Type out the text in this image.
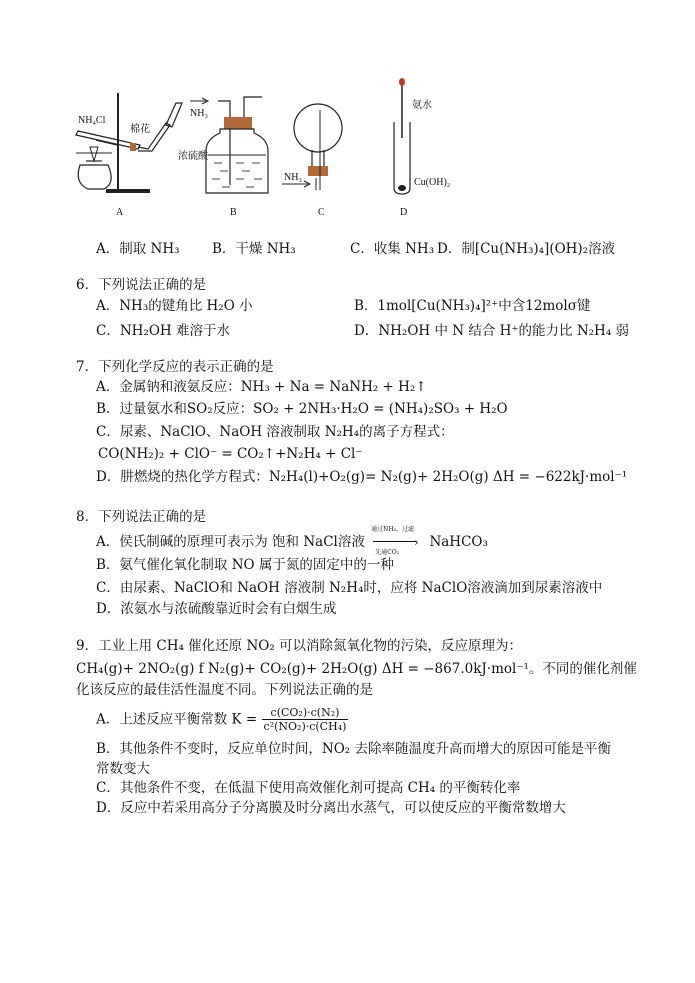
NH₄Cl
棉花
A
NH₃
浓硫酸
B
NH₃
C
氨水
Cu(OH)₂
D
A．制取 NH₃ B．干燥 NH₃	C．收集 NH₃ D．制[Cu(NH₃)₄](OH)₂溶液
6．下列说法正确的是
A．NH₃的键角比 H₂O 小	B．1mol[Cu(NH₃)₄]²⁺中含12molσ键
C．NH₂OH 难溶于水	D．NH₂OH 中 N 结合 H⁺的能力比 N₂H₄ 弱
7．下列化学反应的表示正确的是
A．金属钠和液氨反应：NH₃ + Na = NaNH₂ + H₂↑
B．过量氨水和SO₂反应：SO₂ + 2NH₃·H₂O = (NH₄)₂SO₃ + H₂O
C．尿素、NaClO、NaOH 溶液制取 N₂H₄的离子方程式：
CO(NH₂)₂ + ClO⁻ = CO₂↑+N₂H₄ + Cl⁻
D．肼燃烧的热化学方程式：N₂H₄(l)+O₂(g)= N₂(g)+ 2H₂O(g) ΔH = −622kJ·mol⁻¹
8．下列说法正确的是
A．侯氏制碱的原理可表示为 饱和 NaCl溶液
通过NH₃，过滤
›
先通CO₂
NaHCO₃
B．氨气催化氧化制取 NO 属于氮的固定中的一种
C．由尿素、NaClO和 NaOH 溶液制 N₂H₄时，应将 NaClO溶液滴加到尿素溶液中
D．浓氨水与浓硫酸靠近时会有白烟生成
9．工业上用 CH₄ 催化还原 NO₂ 可以消除氮氧化物的污染，反应原理为：
CH₄(g)+ 2NO₂(g) f N₂(g)+ CO₂(g)+ 2H₂O(g) ΔH = −867.0kJ·mol⁻¹。不同的催化剂催
化该反应的最佳活性温度不同。下列说法正确的是
A．上述反应平衡常数 $K = \frac{\text{c(CO₂)·c(N₂)}}{\text{c²(NO₂)·c(CH₄)}}$
B．其他条件不变时，反应单位时间，NO₂ 去除率随温度升高而增大的原因可能是平衡
常数变大
C．其他条件不变，在低温下使用高效催化剂可提高 CH₄ 的平衡转化率
D．反应中若采用高分子分离膜及时分离出水蒸气，可以使反应的平衡常数增大
